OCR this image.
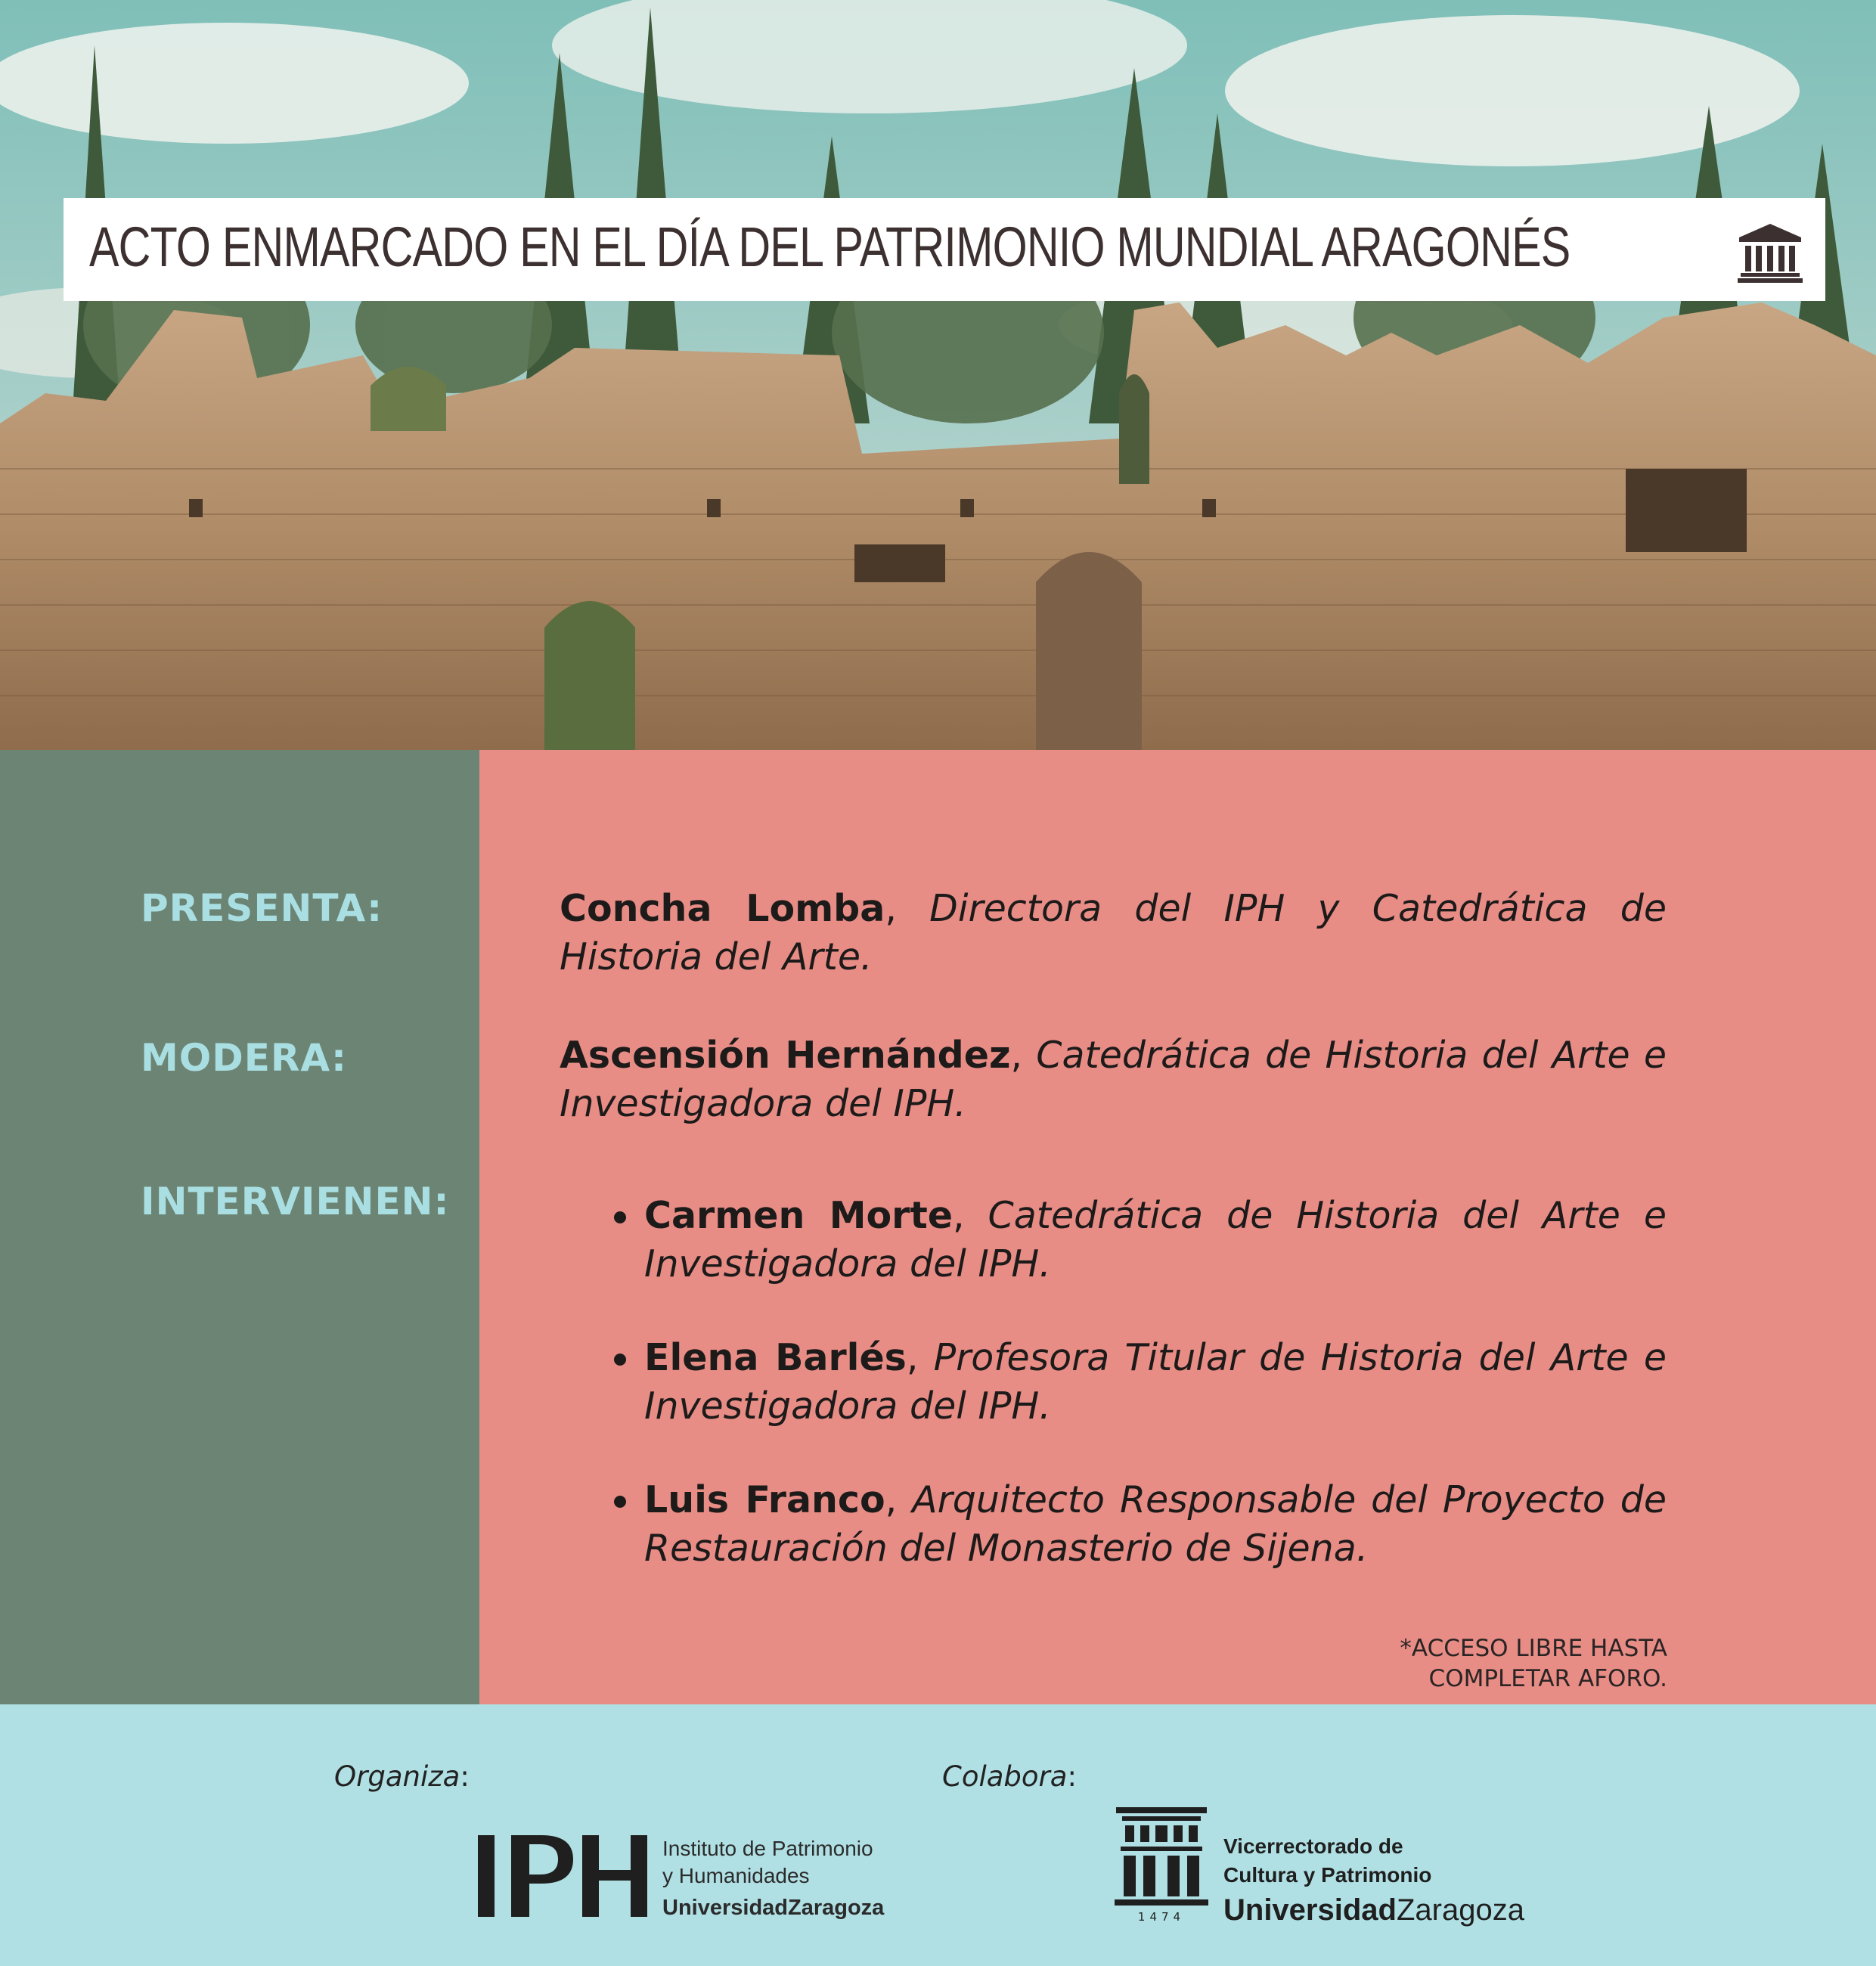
ACTO ENMARCADO EN EL DÍA DEL PATRIMONIO MUNDIAL ARAGONÉS
PRESENTA:
MODERA:
INTERVIENEN:
Concha Lomba, Directora del IPH y Catedrática de Historia del Arte.
Ascensión Hernández, Catedrática de Historia del Arte e Investigadora del IPH.
Carmen Morte, Catedrática de Historia del Arte e Investigadora del IPH.
Elena Barlés, Profesora Titular de Historia del Arte e Investigadora del IPH.
Luis Franco, Arquitecto Responsable del Proyecto de Restauración del Monasterio de Sijena.
*ACCESO LIBRE HASTA
COMPLETAR AFORO.
Organiza:	Colabora:
Instituto de Patrimonio
y Humanidades
UniversidadZaragoza	1474
Vicerrectorado de
Cultura y Patrimonio
UniversidadZaragoza
